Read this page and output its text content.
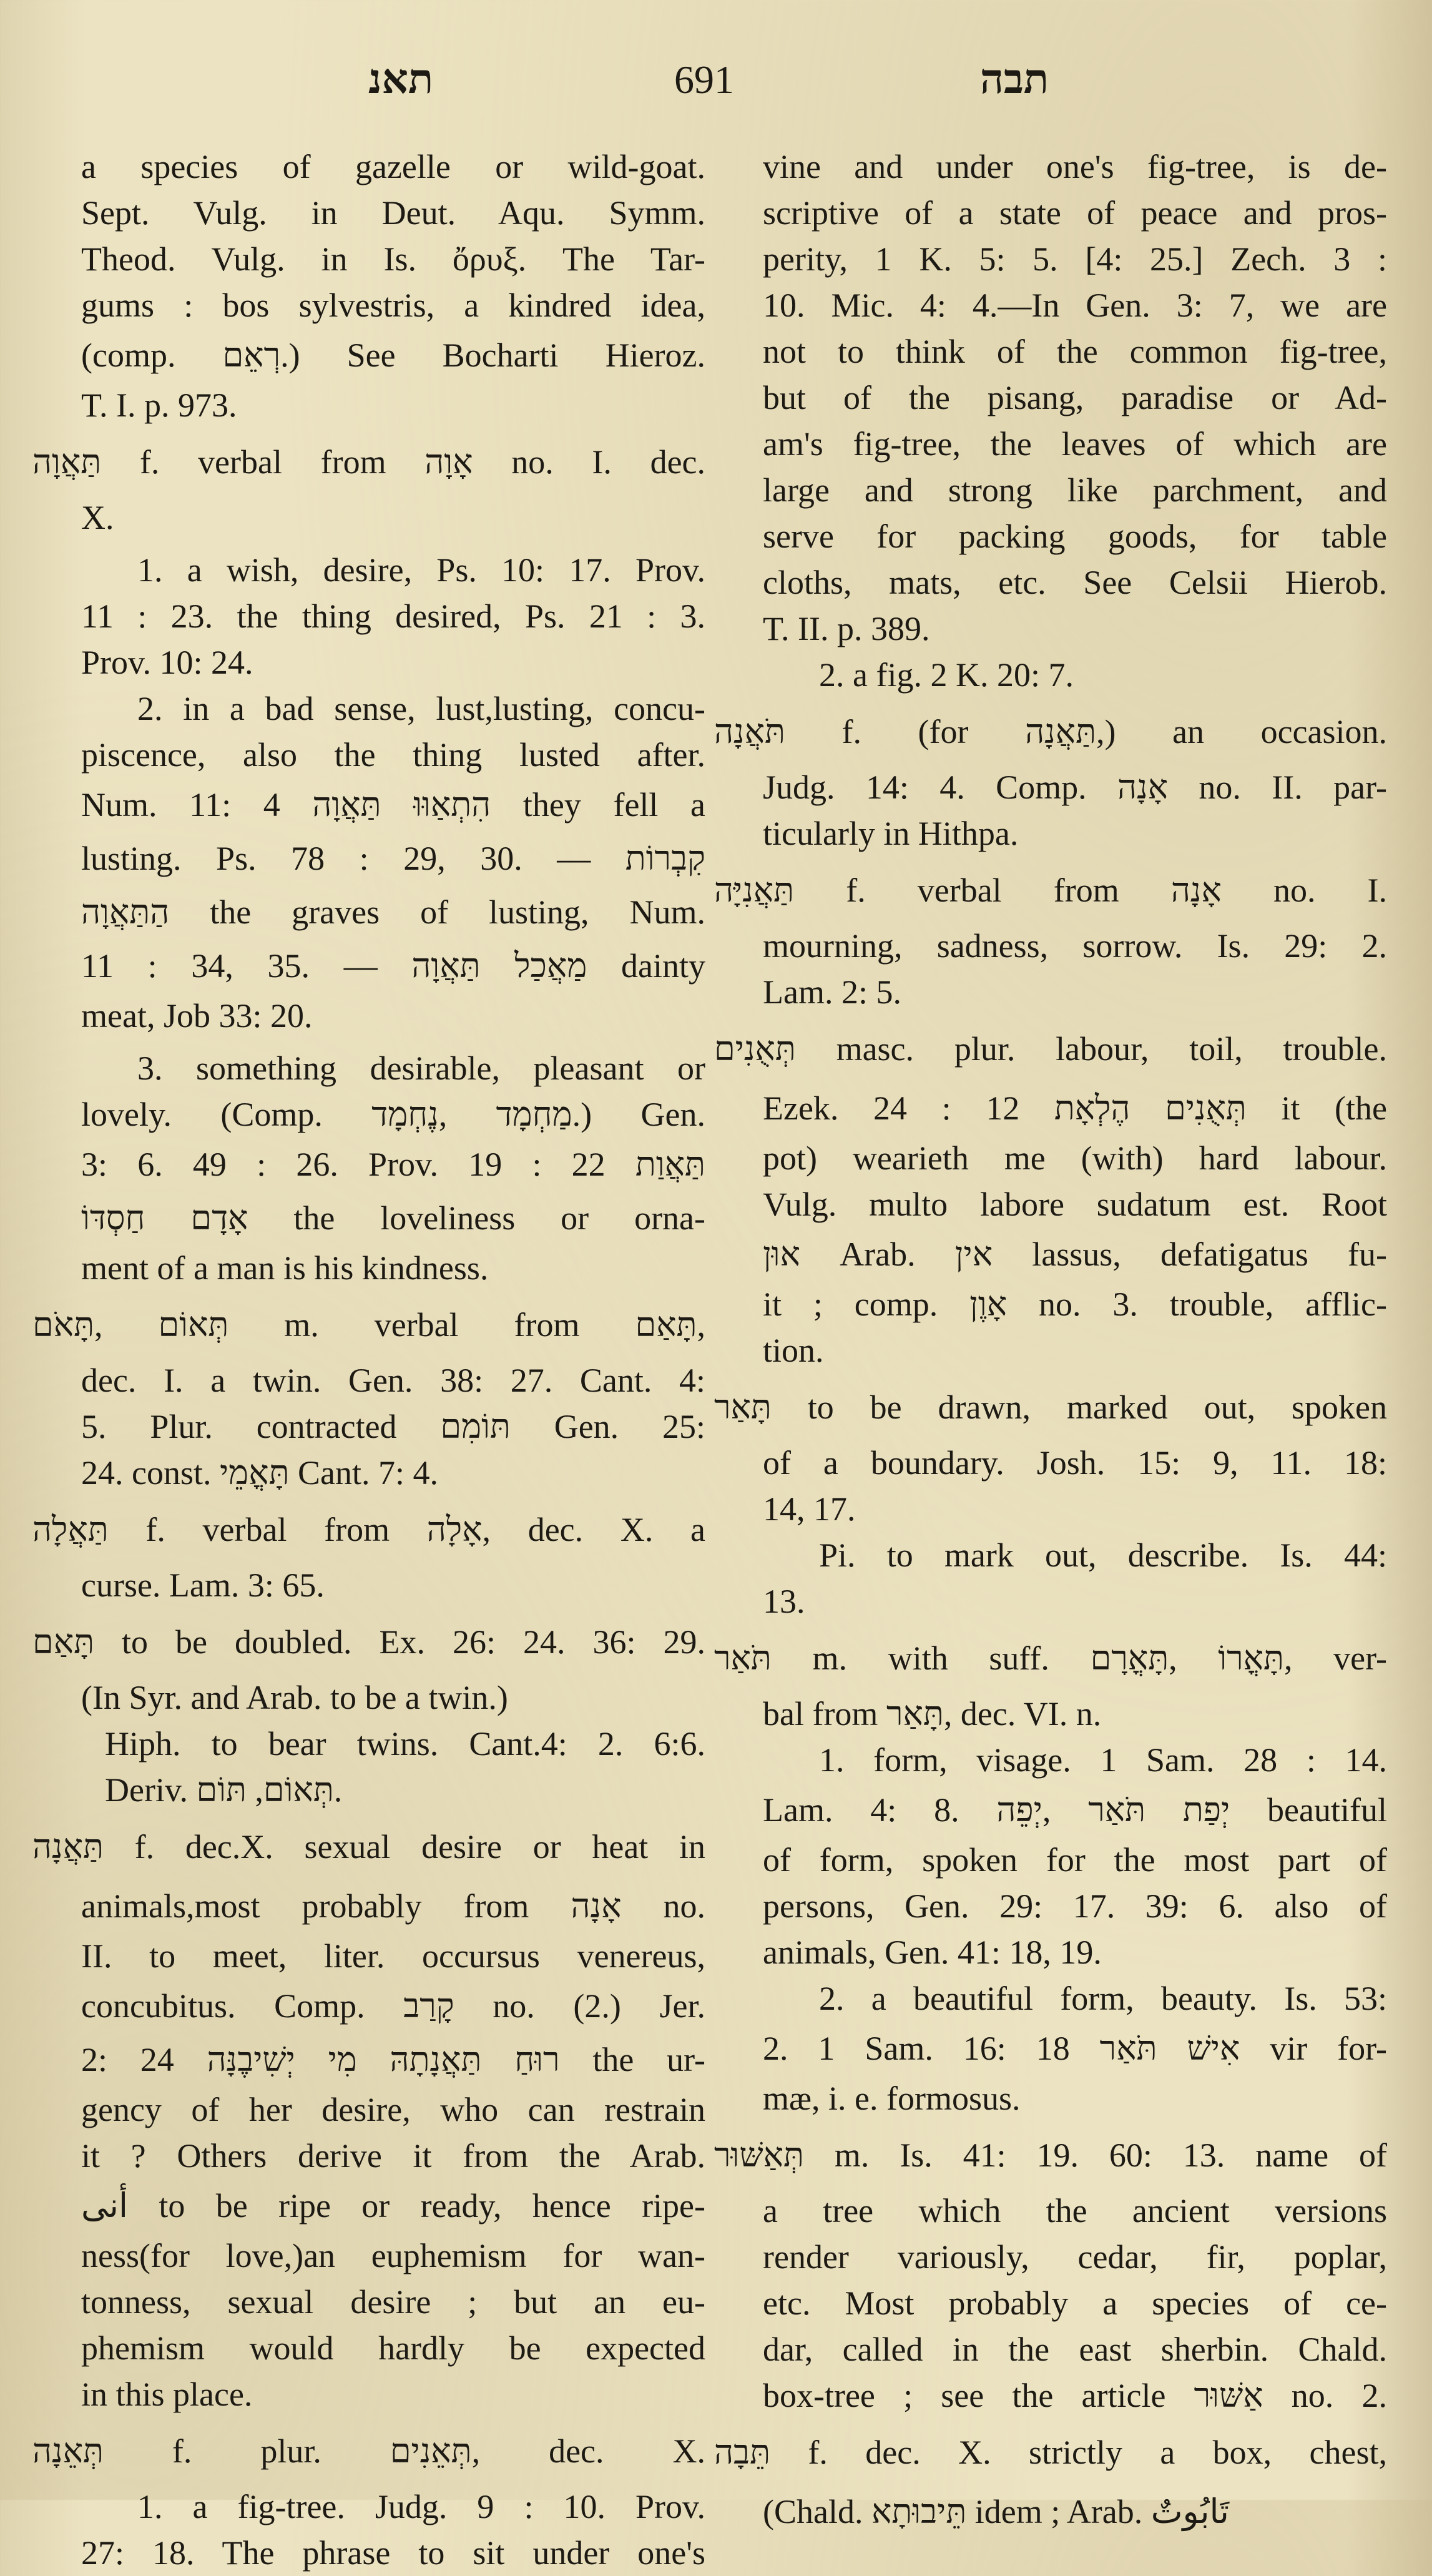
תאנ	691	תבה
a species of gazelle or wild-goat.
Sept. Vulg. in Deut. Aqu. Symm.
Theod. Vulg. in Is. ὄρυξ. The Tar-
gums : bos sylvestris, a kindred idea,
(comp. רְאֵם.) See Bocharti Hieroz.
T. I. p. 973.
תַּאֲוָה f. verbal from אָוָה no. I. dec.
X.
1. a wish, desire, Ps. 10: 17. Prov.
11 : 23. the thing desired, Ps. 21 : 3.
Prov. 10: 24.
2. in a bad sense, lust,lusting, concu-
piscence, also the thing lusted after.
Num. 11: 4 הִתְאַוּוּ תַּאֲוָה they fell a
lusting. Ps. 78 : 29, 30. — קִבְרוֹת
הַתַּאֲוָה the graves of lusting, Num.
11 : 34, 35. — מַאֲכַל תַּאֲוָה dainty
meat, Job 33: 20.
3. something desirable, pleasant or
lovely. (Comp. מַחְמָד ,נֶחְמָד.) Gen.
3: 6. 49 : 26. Prov. 19 : 22 תַּאֲוַת
אָדָם חַסְדּוֹ the loveliness or orna-
ment of a man is his kindness.
תְּאוֹם ,תָּאֹם m. verbal from תָּאַם,
dec. I. a twin. Gen. 38: 27. Cant. 4:
5. Plur. contracted תּוֹמִם Gen. 25:
24. const. תָּאֳמֵי Cant. 7: 4.
תַּאֲלָה f. verbal from אָלָה, dec. X. a
curse. Lam. 3: 65.
תָּאַם to be doubled. Ex. 26: 24. 36: 29.
(In Syr. and Arab. to be a twin.)
Hiph. to bear twins. Cant.4: 2. 6:6.
Deriv. תְּאוֹם, תּוֹם.
תַּאֲנָה f. dec.X. sexual desire or heat in
animals,most probably from אָנָה no.
II. to meet, liter. occursus venereus,
concubitus. Comp. קָרַב no. (2.) Jer.
2: 24 רוּחַ תַּאֲנָתָהּ מִי יְשִׁיבֶנָּה the ur-
gency of her desire, who can restrain
it ? Others derive it from the Arab.
أنى to be ripe or ready, hence ripe-
ness(for love,)an euphemism for wan-
tonness, sexual desire ; but an eu-
phemism would hardly be expected
in this place.
תְּאֵנָה f. plur. תְּאֵנִים, dec. X.
1. a fig-tree. Judg. 9 : 10. Prov.
27: 18. The phrase to sit under one's
vine and under one's fig-tree, is de-
scriptive of a state of peace and pros-
perity, 1 K. 5: 5. [4: 25.] Zech. 3 :
10. Mic. 4: 4.—In Gen. 3: 7, we are
not to think of the common fig-tree,
but of the pisang, paradise or Ad-
am's fig-tree, the leaves of which are
large and strong like parchment, and
serve for packing goods, for table
cloths, mats, etc. See Celsii Hierob.
T. II. p. 389.
2. a fig. 2 K. 20: 7.
תֹּאֲנָה f. (for תַּאֲנָה,) an occasion.
Judg. 14: 4. Comp. אָנָה no. II. par-
ticularly in Hithpa.
תַּאֲנִיָּה f. verbal from אָנָה no. I.
mourning, sadness, sorrow. Is. 29: 2.
Lam. 2: 5.
תְּאֻנִים masc. plur. labour, toil, trouble.
Ezek. 24 : 12 תְּאֻנִים הֶלְאָת it (the
pot) wearieth me (with) hard labour.
Vulg. multo labore sudatum est. Root
אוּן Arab. אין lassus, defatigatus fu-
it ; comp. אָוֶן no. 3. trouble, afflic-
tion.
תָּאַר to be drawn, marked out, spoken
of a boundary. Josh. 15: 9, 11. 18:
14, 17.
Pi. to mark out, describe. Is. 44:
13.
תֹּאַר m. with suff. תָּאֳרוֹ ,תָּאֳרָם, ver-
bal from תָּאַר, dec. VI. n.
1. form, visage. 1 Sam. 28 : 14.
Lam. 4: 8. יְפַת תֹּאַר ,יְפֵה beautiful
of form, spoken for the most part of
persons, Gen. 29: 17. 39: 6. also of
animals, Gen. 41: 18, 19.
2. a beautiful form, beauty. Is. 53:
2. 1 Sam. 16: 18 אִישׁ תֹּאַר vir for-
mæ, i. e. formosus.
תְּאַשּׁוּר m. Is. 41: 19. 60: 13. name of
a tree which the ancient versions
render variously, cedar, fir, poplar,
etc. Most probably a species of ce-
dar, called in the east sherbin. Chald.
box-tree ; see the article אַשּׁוּר no. 2.
תֵּבָה f. dec. X. strictly a box, chest,
(Chald. תֵּיבוּתָא idem ; Arab. تَابُوتٌ
